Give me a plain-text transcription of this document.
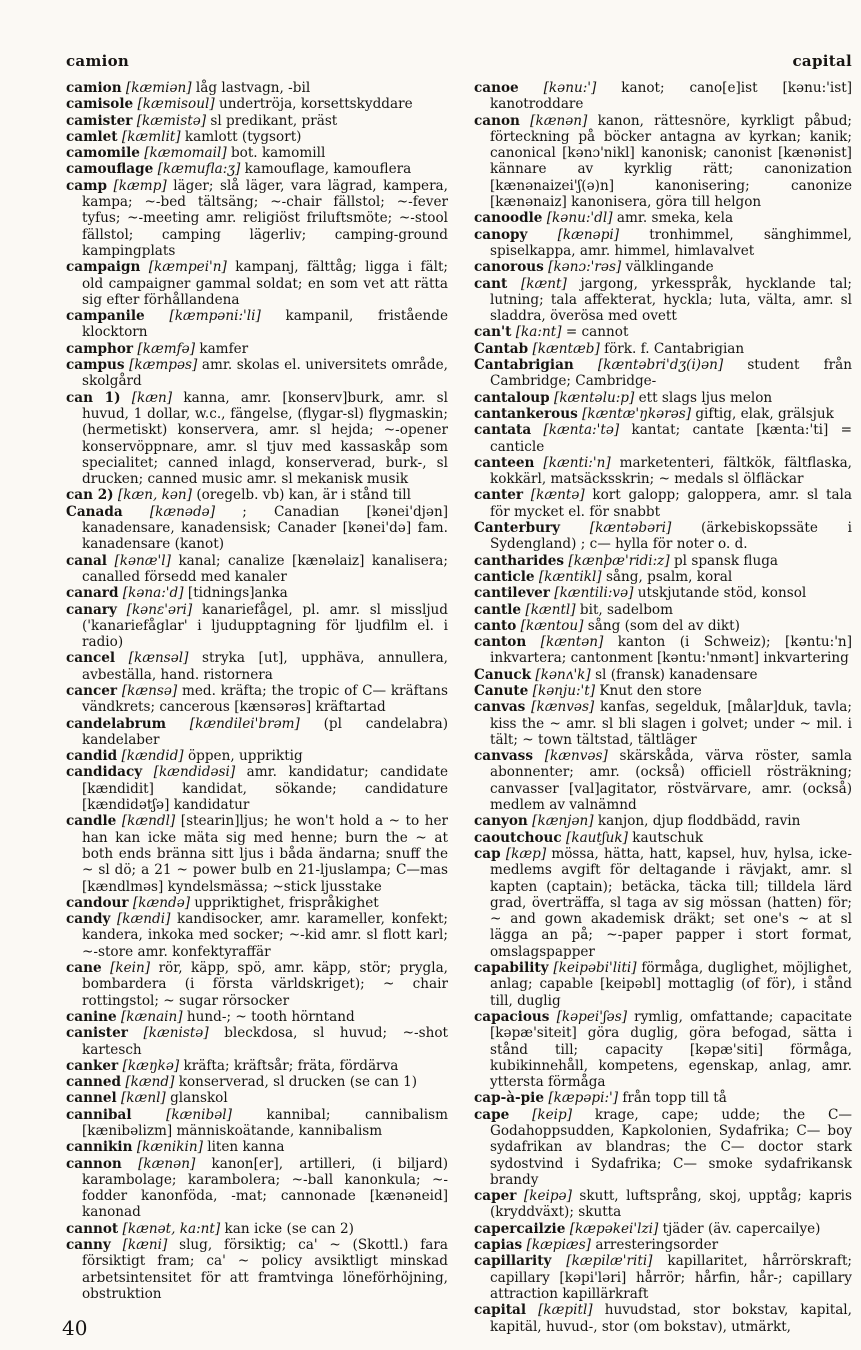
camion	capital
camion [kæmiən] låg lastvagn, -bil
camisole [kæmisoul] undertröja, korsettskyddare
camister [kæmistə] sl predikant, präst
camlet [kæmlit] kamlott (tygsort)
camomile [kæmomail] bot. kamomill
camouflage [kæmufla:ʒ] kamouflage, kamouflera
camp [kæmp] läger; slå läger, vara lägrad, kampera, kampa; ~-bed tältsäng; ~-chair fällstol; ~-fever tyfus; ~-meeting amr. religiöst friluftsmöte; ~-stool fällstol; camping lägerliv; camping-ground kampingplats
campaign [kæmpei'n] kampanj, fälttåg; ligga i fält; old campaigner gammal soldat; en som vet att rätta sig efter förhållandena
campanile [kæmpəni:'li] kampanil, fristående klocktorn
camphor [kæmfə] kamfer
campus [kæmpəs] amr. skolas el. universitets område, skolgård
can 1) [kæn] kanna, amr. [konserv]burk, amr. sl huvud, 1 dollar, w.c., fängelse, (flygar-sl) flygmaskin; (hermetiskt) konservera, amr. sl hejda; ~-opener konservöppnare, amr. sl tjuv med kassaskåp som specialitet; canned inlagd, konserverad, burk-, sl drucken; canned music amr. sl mekanisk musik
can 2) [kæn, kən] (oregelb. vb) kan, är i stånd till
Canada [kænədə] ; Canadian [kənei'djən] kanadensare, kanadensisk; Canader [kənei'də] fam. kanadensare (kanot)
canal [kənæ'l] kanal; canalize [kænəlaiz] kanalisera; canalled försedd med kanaler
canard [kəna:'d] [tidnings]anka
canary [kənɛ'əri] kanariefågel, pl. amr. sl missljud ('kanariefåglar' i ljudupptagning för ljudfilm el. i radio)
cancel [kænsəl] stryka [ut], upphäva, annullera, avbeställa, hand. ristornera
cancer [kænsə] med. kräfta; the tropic of C— kräftans vändkrets; cancerous [kænsərəs] kräftartad
candelabrum [kændilei'brəm] (pl candelabra) kandelaber
candid [kændid] öppen, uppriktig
candidacy [kændidəsi] amr. kandidatur; candidate [kændidit] kandidat, sökande; candidature [kændidətʃə] kandidatur
candle [kændl] [stearin]ljus; he won't hold a ~ to her han kan icke mäta sig med henne; burn the ~ at both ends bränna sitt ljus i båda ändarna; snuff the ~ sl dö; a 21 ~ power bulb en 21-ljuslampa; C—mas [kændlməs] kyndelsmässa; ~stick ljusstake
candour [kændə] uppriktighet, frispråkighet
candy [kændi] kandisocker, amr. karameller, konfekt; kandera, inkoka med socker; ~-kid amr. sl flott karl; ~-store amr. konfektyraffär
cane [kein] rör, käpp, spö, amr. käpp, stör; prygla, bombardera (i första världskriget); ~ chair rottingstol; ~ sugar rörsocker
canine [kænain] hund-; ~ tooth hörntand
canister [kænistə] bleckdosa, sl huvud; ~-shot kartesch
canker [kæŋkə] kräfta; kräftsår; fräta, fördärva
canned [kænd] konserverad, sl drucken (se can 1)
cannel [kænl] glanskol
cannibal	[kænibəl]	kannibal; cannibalism [kænibəlizm] människoätande, kannibalism
cannikin [kænikin] liten kanna
cannon [kænən] kanon[er], artilleri, (i biljard) karambolage; karambolera; ~-ball kanonkula; ~-fodder kanonföda, -mat; cannonade [kænəneid] kanonad
cannot [kænət, ka:nt] kan icke (se can 2)
canny [kæni] slug, försiktig; ca' ~ (Skottl.) fara försiktigt fram; ca' ~ policy avsiktligt minskad arbetsintensitet för att framtvinga löneförhöjning, obstruktion
canoe [kənu:'] kanot; cano[e]ist [kənu:'ist] kanotroddare
canon [kænən] kanon, rättesnöre, kyrkligt påbud; förteckning på böcker antagna av kyrkan; kanik; canonical [kənɔ'nikl] kanonisk; canonist [kænənist] kännare av kyrklig rätt; canonization [kænənaizei'ʃ(ə)n] kanonisering; canonize [kænənaiz] kanonisera, göra till helgon
canoodle [kənu:'dl] amr. smeka, kela
canopy [kænəpi] tronhimmel, sänghimmel, spiselkappa, amr. himmel, himlavalvet
canorous [kənɔ:'rəs] välklingande
cant [kænt] jargong, yrkesspråk, hycklande tal; lutning; tala affekterat, hyckla; luta, välta, amr. sl sladdra, överösa med ovett
can't [ka:nt] = cannot
Cantab [kæntæb] förk. f. Cantabrigian
Cantabrigian [kæntəbri'dʒ(i)ən] student från Cambridge; Cambridge-
cantaloup [kæntəlu:p] ett slags ljus melon
cantankerous [kæntæ'ŋkərəs] giftig, elak, grälsjuk
cantata [kænta:'tə] kantat; cantate [kænta:'ti] = canticle
canteen [kænti:'n] marketenteri, fältkök, fältflaska, kokkärl, matsäcksskrin; ~ medals sl ölfläckar
canter [kæntə] kort galopp; galoppera, amr. sl tala för mycket el. för snabbt
Canterbury [kæntəbəri] (ärkebiskopssäte i Sydengland) ; c— hylla för noter o. d.
cantharides [kænþæ'ridi:z] pl spansk fluga
canticle [kæntikl] sång, psalm, koral
cantilever [kæntili:və] utskjutande stöd, konsol
cantle [kæntl] bit, sadelbom
canto [kæntou] sång (som del av dikt)
canton [kæntən] kanton (i Schweiz); [kəntu:'n] inkvartera; cantonment [kəntu:'nmənt] inkvartering
Canuck [kənʌ'k] sl (fransk) kanadensare
Canute [kənju:'t] Knut den store
canvas [kænvəs] kanfas, segelduk, [målar]duk, tavla; kiss the ~ amr. sl bli slagen i golvet; under ~ mil. i tält; ~ town tältstad, tältläger
canvass [kænvəs] skärskåda, värva röster, samla abonnenter; amr. (också) officiell rösträkning; canvasser [val]agitator, röstvärvare, amr. (också) medlem av valnämnd
canyon [kænjən] kanjon, djup floddbädd, ravin
caoutchouc [kautʃuk] kautschuk
cap [kæp] mössa, hätta, hatt, kapsel, huv, hylsa, icke-medlems avgift för deltagande i rävjakt, amr. sl kapten (captain); betäcka, täcka till; tilldela lärd grad, överträffa, sl taga av sig mössan (hatten) för; ~ and gown akademisk dräkt; set one's ~ at sl lägga an på; ~-paper papper i stort format, omslagspapper
capability [keipəbi'liti] förmåga, duglighet, möjlighet, anlag; capable [keipəbl] mottaglig (of för), i stånd till, duglig
capacious [kəpei'ʃəs] rymlig, omfattande; capacitate [kəpæ'siteit] göra duglig, göra befogad, sätta i stånd till; capacity [kəpæ'siti] förmåga, kubikinnehåll, kompetens, egenskap, anlag, amr. yttersta förmåga
cap-à-pie [kæpəpi:'] från topp till tå
cape [keip] krage, cape; udde; the C— Godahoppsudden, Kapkolonien, Sydafrika; C— boy sydafrikan av blandras; the C— doctor stark sydostvind i Sydafrika; C— smoke sydafrikansk brandy
caper [keipə] skutt, luftsprång, skoj, upptåg; kapris (kryddväxt); skutta
capercailzie [kæpəkei'lzi] tjäder (äv. capercailye)
capias [kæpiæs] arresteringsorder
capillarity [kæpilæ'riti] kapillaritet, hårrörskraft; capillary [kəpi'ləri] hårrör; hårfin, hår-; capillary attraction kapillärkraft
capital [kæpitl] huvudstad, stor bokstav, kapital, kapitäl, huvud-, stor (om bokstav), utmärkt,
40
